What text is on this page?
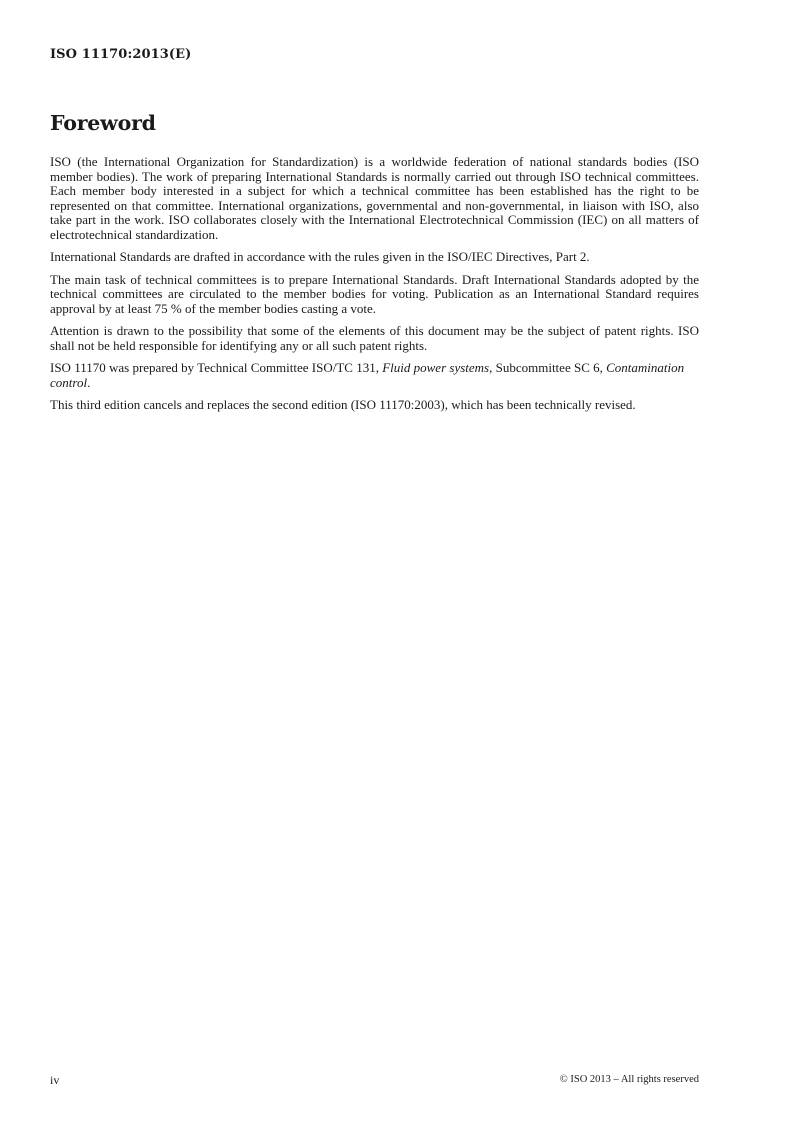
ISO 11170:2013(E)

Foreword

ISO (the International Organization for Standardization) is a worldwide federation of national standards bodies (ISO member bodies). The work of preparing International Standards is normally carried out through ISO technical committees. Each member body interested in a subject for which a technical committee has been established has the right to be represented on that committee. International organizations, governmental and non-governmental, in liaison with ISO, also take part in the work. ISO collaborates closely with the International Electrotechnical Commission (IEC) on all matters of electrotechnical standardization.

International Standards are drafted in accordance with the rules given in the ISO/IEC Directives, Part 2.

The main task of technical committees is to prepare International Standards. Draft International Standards adopted by the technical committees are circulated to the member bodies for voting. Publication as an International Standard requires approval by at least 75 % of the member bodies casting a vote.

Attention is drawn to the possibility that some of the elements of this document may be the subject of patent rights. ISO shall not be held responsible for identifying any or all such patent rights.

ISO 11170 was prepared by Technical Committee ISO/TC 131, Fluid power systems, Subcommittee SC 6, Contamination control.

This third edition cancels and replaces the second edition (ISO 11170:2003), which has been technically revised.

iv	© ISO 2013 – All rights reserved
